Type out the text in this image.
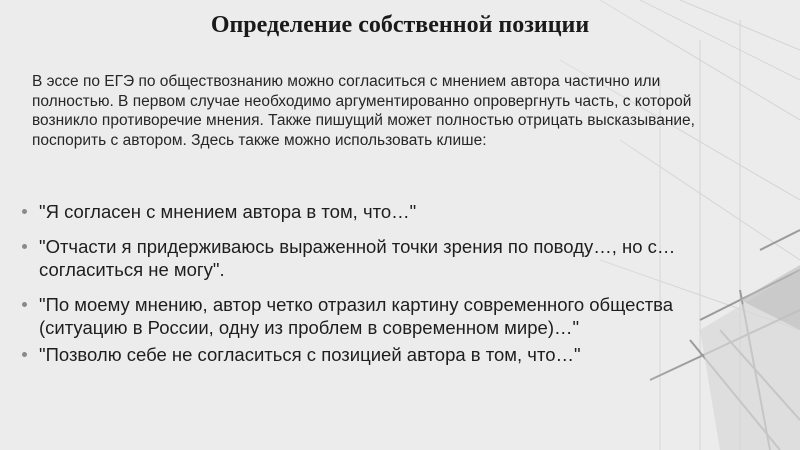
Определение собственной позиции

В эссе по ЕГЭ по обществознанию можно согласиться с мнением автора частично или полностью. В первом случае необходимо аргументированно опровергнуть часть, с которой возникло противоречие мнения. Также пишущий может полностью отрицать высказывание, поспорить с автором. Здесь также можно использовать клише:

"Я согласен с мнением автора в том, что…"
"Отчасти я придерживаюсь выраженной точки зрения по поводу…, но с… согласиться не могу".
"По моему мнению, автор четко отразил картину современного общества (ситуацию в России, одну из проблем в современном мире)…"
"Позволю себе не согласиться с позицией автора в том, что…"
